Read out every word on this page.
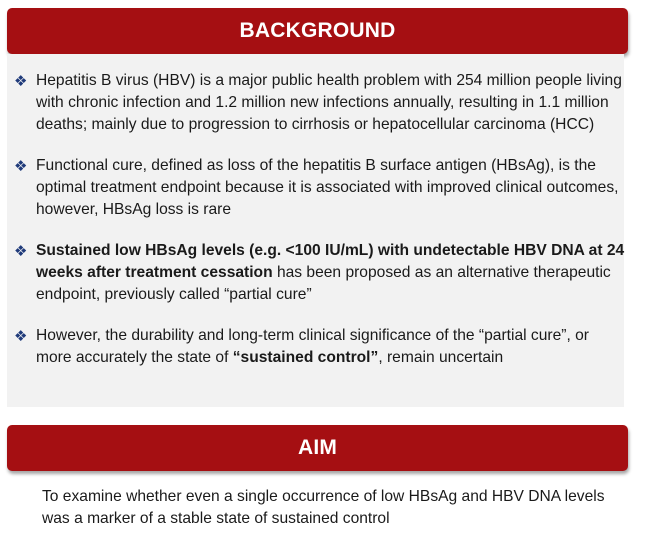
BACKGROUND
❖ Hepatitis B virus (HBV) is a major public health problem with 254 million people living with chronic infection and 1.2 million new infections annually, resulting in 1.1 million deaths; mainly due to progression to cirrhosis or hepatocellular carcinoma (HCC)
❖ Functional cure, defined as loss of the hepatitis B surface antigen (HBsAg), is the optimal treatment endpoint because it is associated with improved clinical outcomes, however, HBsAg loss is rare
❖ Sustained low HBsAg levels (e.g. <100 IU/mL) with undetectable HBV DNA at 24 weeks after treatment cessation has been proposed as an alternative therapeutic endpoint, previously called “partial cure”
❖ However, the durability and long-term clinical significance of the “partial cure”, or more accurately the state of “sustained control”, remain uncertain
AIM
To examine whether even a single occurrence of low HBsAg and HBV DNA levels was a marker of a stable state of sustained control
